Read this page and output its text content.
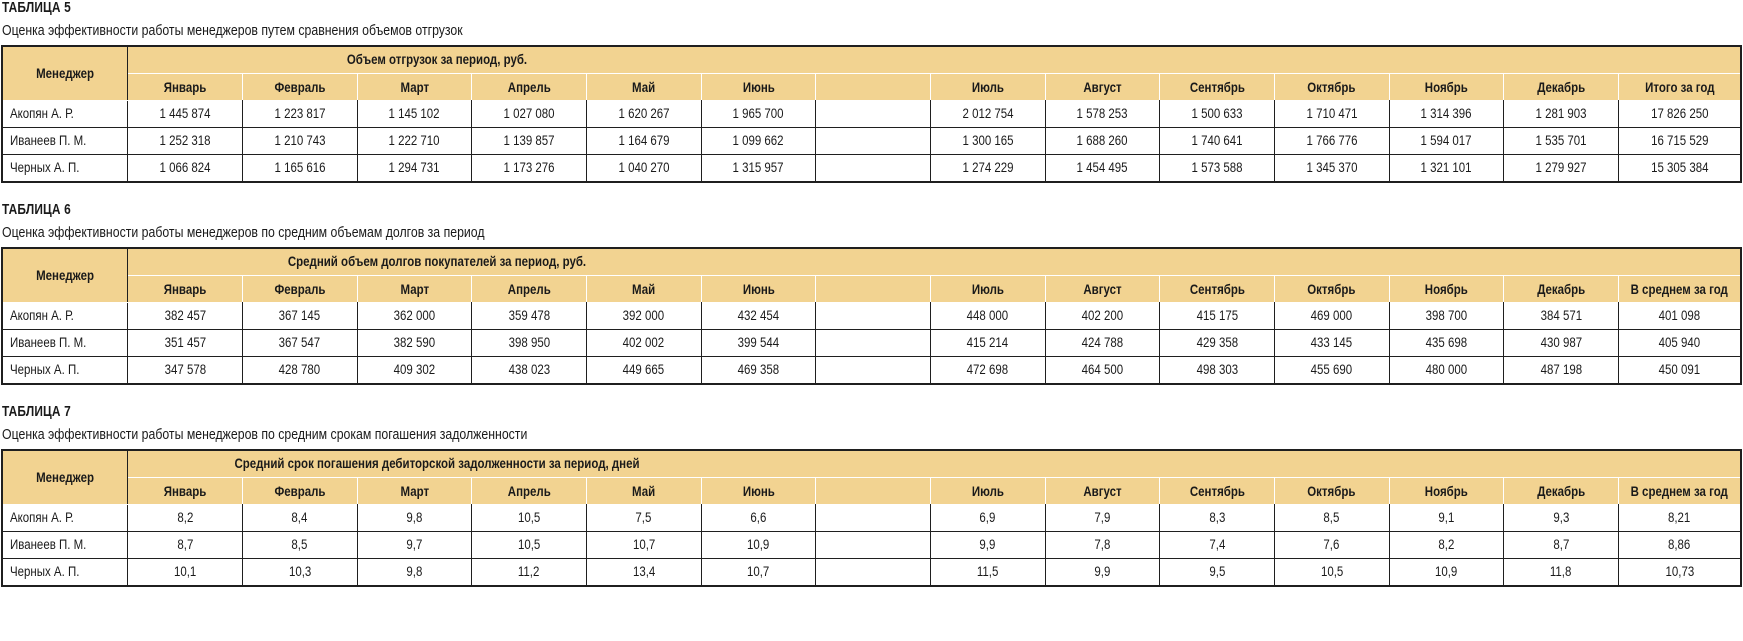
ТАБЛИЦА 5
Оценка эффективности работы менеджеров путем сравнения объемов отгрузок
Менеджер	Объем отгрузок за период, руб.													

	Январь	Февраль	Март	Апрель	Май	Июнь		Июль	Август	Сентябрь	Октябрь	Ноябрь	Декабрь	Итого за год
Акопян А. Р.	1 445 874	1 223 817	1 145 102	1 027 080	1 620 267	1 965 700		2 012 754	1 578 253	1 500 633	1 710 471	1 314 396	1 281 903	17 826 250
Иванеев П. М.	1 252 318	1 210 743	1 222 710	1 139 857	1 164 679	1 099 662		1 300 165	1 688 260	1 740 641	1 766 776	1 594 017	1 535 701	16 715 529
Черных А. П.	1 066 824	1 165 616	1 294 731	1 173 276	1 040 270	1 315 957		1 274 229	1 454 495	1 573 588	1 345 370	1 321 101	1 279 927	15 305 384
ТАБЛИЦА 6
Оценка эффективности работы менеджеров по средним объемам долгов за период
Менеджер	Средний объем долгов покупателей за период, руб.													

	Январь	Февраль	Март	Апрель	Май	Июнь		Июль	Август	Сентябрь	Октябрь	Ноябрь	Декабрь	В среднем за год
Акопян А. Р.	382 457	367 145	362 000	359 478	392 000	432 454		448 000	402 200	415 175	469 000	398 700	384 571	401 098
Иванеев П. М.	351 457	367 547	382 590	398 950	402 002	399 544		415 214	424 788	429 358	433 145	435 698	430 987	405 940
Черных А. П.	347 578	428 780	409 302	438 023	449 665	469 358		472 698	464 500	498 303	455 690	480 000	487 198	450 091
ТАБЛИЦА 7
Оценка эффективности работы менеджеров по средним срокам погашения задолженности
Менеджер	Средний срок погашения дебиторской задолженности за период, дней													

	Январь	Февраль	Март	Апрель	Май	Июнь		Июль	Август	Сентябрь	Октябрь	Ноябрь	Декабрь	В среднем за год
Акопян А. Р.	8,2	8,4	9,8	10,5	7,5	6,6		6,9	7,9	8,3	8,5	9,1	9,3	8,21
Иванеев П. М.	8,7	8,5	9,7	10,5	10,7	10,9		9,9	7,8	7,4	7,6	8,2	8,7	8,86
Черных А. П.	10,1	10,3	9,8	11,2	13,4	10,7		11,5	9,9	9,5	10,5	10,9	11,8	10,73
